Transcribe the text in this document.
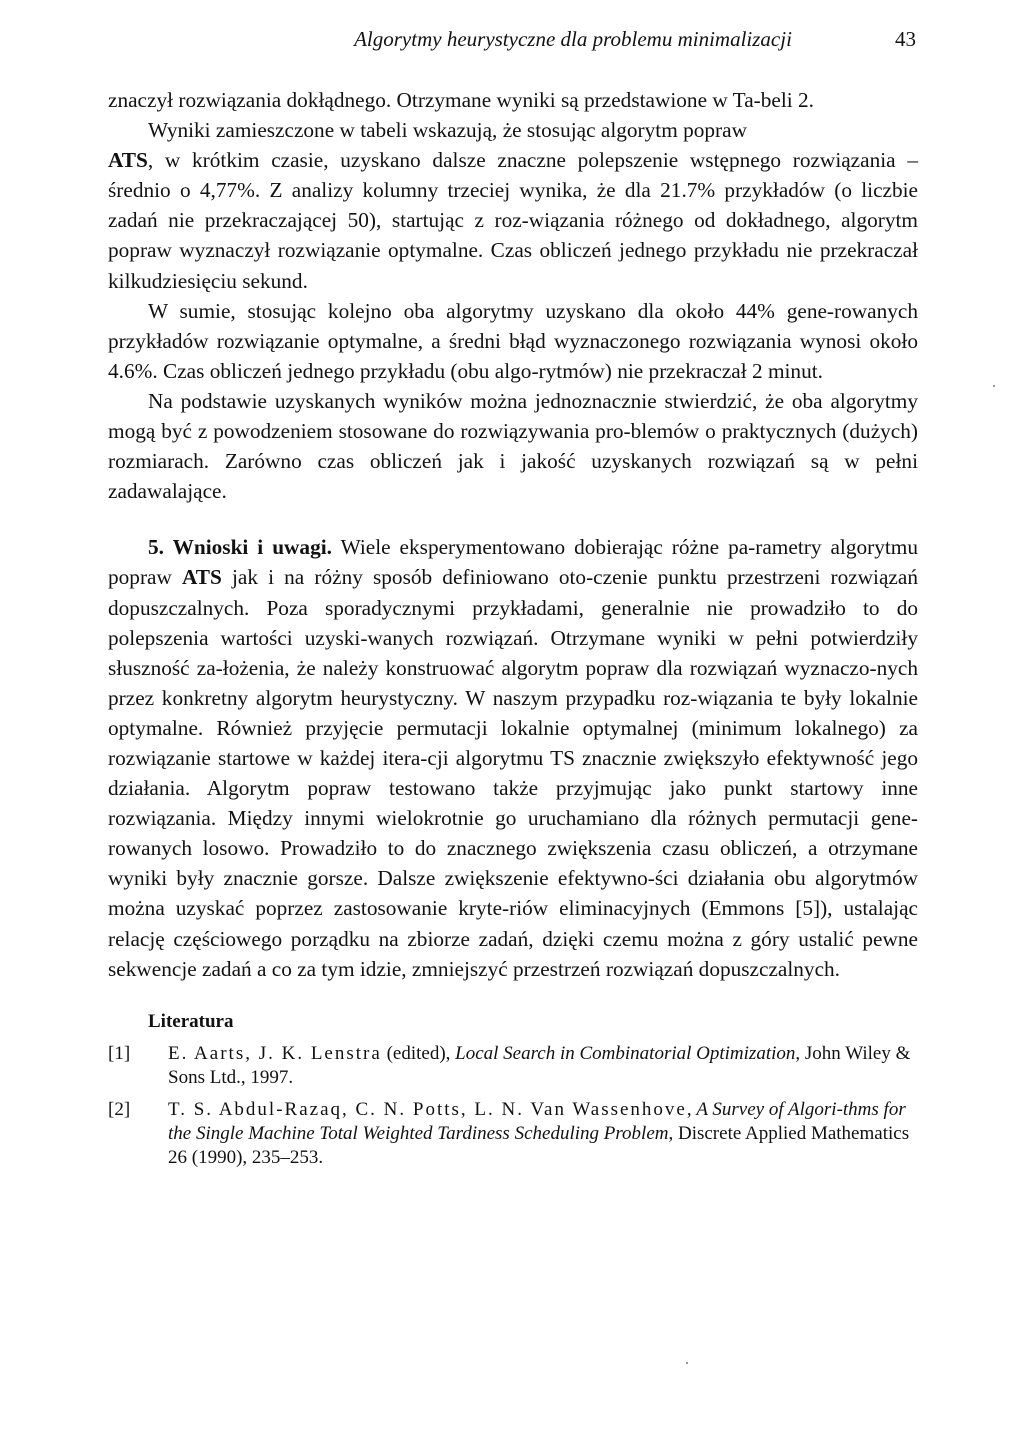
Algorytmy heurystyczne dla problemu minimalizacji	43

znaczył rozwiązania dokłądnego. Otrzymane wyniki są przedstawione w Ta-beli 2.

Wyniki zamieszczone w tabeli wskazują, że stosując algorytm popraw
ATS, w krótkim czasie, uzyskano dalsze znaczne polepszenie wstępnego rozwiązania – średnio o 4,77%. Z analizy kolumny trzeciej wynika, że dla 21.7% przykładów (o liczbie zadań nie przekraczającej 50), startując z roz-wiązania różnego od dokładnego, algorytm popraw wyznaczył rozwiązanie optymalne. Czas obliczeń jednego przykładu nie przekraczał kilkudziesięciu sekund.

W sumie, stosując kolejno oba algorytmy uzyskano dla około 44% gene-rowanych przykładów rozwiązanie optymalne, a średni błąd wyznaczonego rozwiązania wynosi około 4.6%. Czas obliczeń jednego przykładu (obu algo-rytmów) nie przekraczał 2 minut.

Na podstawie uzyskanych wyników można jednoznacznie stwierdzić, że oba algorytmy mogą być z powodzeniem stosowane do rozwiązywania pro-blemów o praktycznych (dużych) rozmiarach. Zarówno czas obliczeń jak i jakość uzyskanych rozwiązań są w pełni zadawalające.

5. Wnioski i uwagi. Wiele eksperymentowano dobierając różne pa-rametry algorytmu popraw ATS jak i na różny sposób definiowano oto-czenie punktu przestrzeni rozwiązań dopuszczalnych. Poza sporadycznymi przykładami, generalnie nie prowadziło to do polepszenia wartości uzyski-wanych rozwiązań. Otrzymane wyniki w pełni potwierdziły słuszność za-łożenia, że należy konstruować algorytm popraw dla rozwiązań wyznaczo-nych przez konkretny algorytm heurystyczny. W naszym przypadku roz-wiązania te były lokalnie optymalne. Również przyjęcie permutacji lokalnie optymalnej (minimum lokalnego) za rozwiązanie startowe w każdej itera-cji algorytmu TS znacznie zwiększyło efektywność jego działania. Algorytm popraw testowano także przyjmując jako punkt startowy inne rozwiązania. Między innymi wielokrotnie go uruchamiano dla różnych permutacji gene-rowanych losowo. Prowadziło to do znacznego zwiększenia czasu obliczeń, a otrzymane wyniki były znacznie gorsze. Dalsze zwiększenie efektywno-ści działania obu algorytmów można uzyskać poprzez zastosowanie kryte-riów eliminacyjnych (Emmons [5]), ustalając relację częściowego porządku na zbiorze zadań, dzięki czemu można z góry ustalić pewne sekwencje zadań a co za tym idzie, zmniejszyć przestrzeń rozwiązań dopuszczalnych.

Literatura
[1]	E. Aarts, J. K. Lenstra (edited), Local Search in Combinatorial Optimization, John Wiley & Sons Ltd., 1997.
[2]	T. S. Abdul-Razaq, C. N. Potts, L. N. Van Wassenhove, A Survey of Algori-thms for the Single Machine Total Weighted Tardiness Scheduling Problem, Discrete Applied Mathematics 26 (1990), 235–253.
